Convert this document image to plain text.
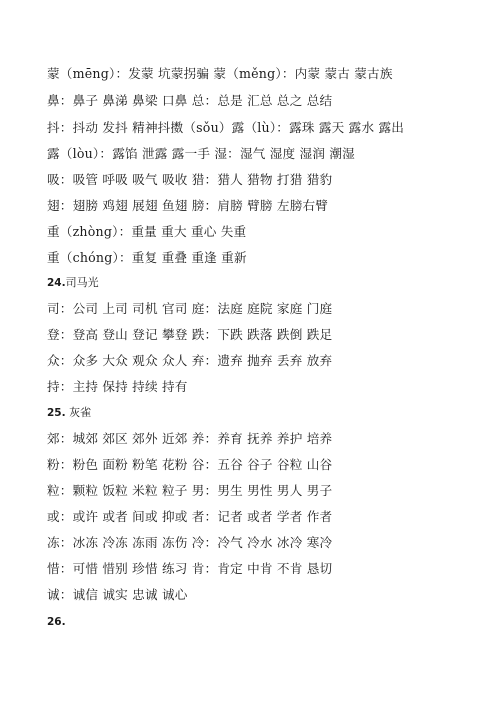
蒙（mēng）：发蒙 坑蒙拐骗 蒙（měng）：内蒙 蒙古 蒙古族
鼻：鼻子 鼻涕 鼻梁 口鼻 总：总是 汇总 总之 总结
抖：抖动 发抖 精神抖擞（sǒu）露（lù）：露珠 露天 露水 露出
露（lòu）：露馅 泄露 露一手 湿：湿气 湿度 湿润 潮湿
吸：吸管 呼吸 吸气 吸收 猎：猎人 猎物 打猎 猎豹
翅：翅膀 鸡翅 展翅 鱼翅 膀：肩膀 臂膀 左膀右臂
重（zhòng）：重量 重大 重心 失重
重（chóng）：重复 重叠 重逢 重新
24.司马光
司：公司 上司 司机 官司 庭：法庭 庭院 家庭 门庭
登：登高 登山 登记 攀登 跌：下跌 跌落 跌倒 跌足
众：众多 大众 观众 众人 弃：遗弃 抛弃 丢弃 放弃
持：主持 保持 持续 持有
25. 灰雀
郊：城郊 郊区 郊外 近郊 养：养育 抚养 养护 培养
粉：粉色 面粉 粉笔 花粉 谷：五谷 谷子 谷粒 山谷
粒：颗粒 饭粒 米粒 粒子 男：男生 男性 男人 男子
或：或许 或者 间或 抑或 者：记者 或者 学者 作者
冻：冰冻 冷冻 冻雨 冻伤 冷：冷气 冷水 冰冷 寒冷
惜：可惜 惜别 珍惜 练习 肯：肯定 中肯 不肯 恳切
诚：诚信 诚实 忠诚 诚心
26.
